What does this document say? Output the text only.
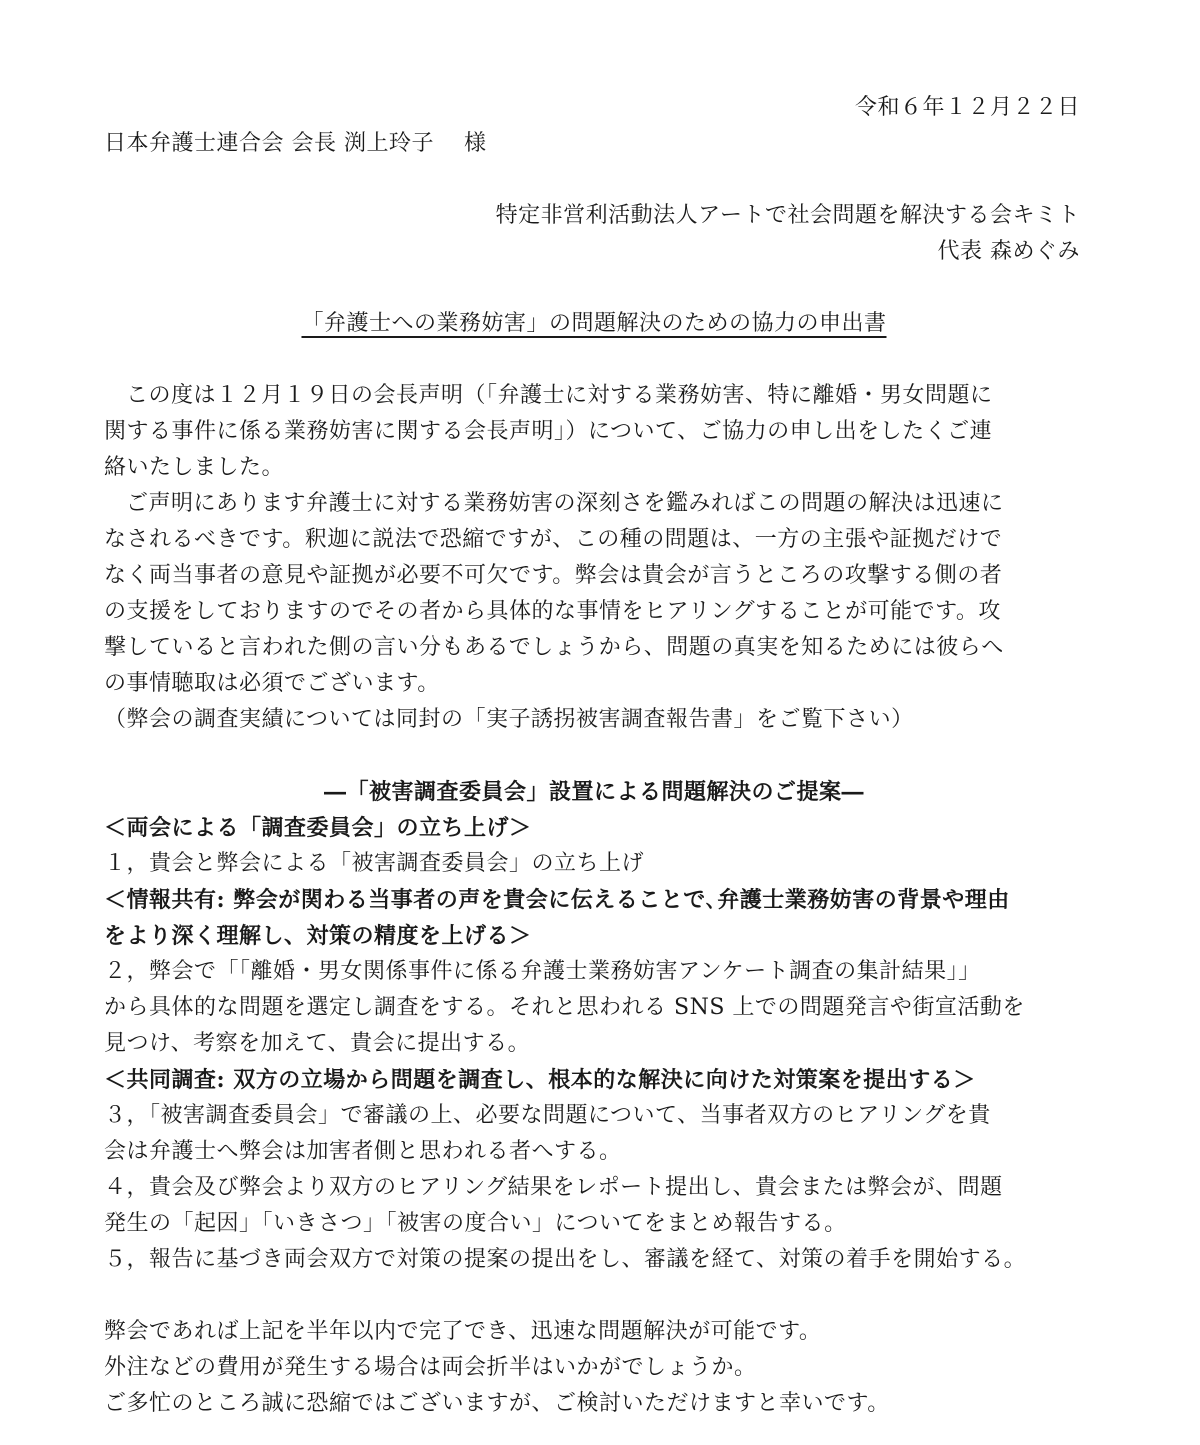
令和６年１２月２２日
日本弁護士連合会 会長 渕上玲子　 様
特定非営利活動法人アートで社会問題を解決する会キミト
代表 森めぐみ
「弁護士への業務妨害」の問題解決のための協力の申出書
この度は１２月１９日の会長声明（「弁護士に対する業務妨害、特に離婚・男女問題に
関する事件に係る業務妨害に関する会長声明」）について、ご協力の申し出をしたくご連
絡いたしました。
ご声明にあります弁護士に対する業務妨害の深刻さを鑑みればこの問題の解決は迅速に
なされるべきです。釈迦に説法で恐縮ですが、この種の問題は、一方の主張や証拠だけで
なく両当事者の意見や証拠が必要不可欠です。弊会は貴会が言うところの攻撃する側の者
の支援をしておりますのでその者から具体的な事情をヒアリングすることが可能です。攻
撃していると言われた側の言い分もあるでしょうから、問題の真実を知るためには彼らへ
の事情聴取は必須でございます。
（弊会の調査実績については同封の「実子誘拐被害調査報告書」をご覧下さい）
―「被害調査委員会」設置による問題解決のご提案―
＜両会による「調査委員会」の立ち上げ＞
１，貴会と弊会による「被害調査委員会」の立ち上げ
＜情報共有: 弊会が関わる当事者の声を貴会に伝えることで､弁護士業務妨害の背景や理由
をより深く理解し、対策の精度を上げる＞
２，弊会で「「離婚・男女関係事件に係る弁護士業務妨害アンケート調査の集計結果」」
から具体的な問題を選定し調査をする。それと思われる SNS 上での問題発言や街宣活動を
見つけ、考察を加えて、貴会に提出する。
＜共同調査: 双方の立場から問題を調査し、根本的な解決に向けた対策案を提出する＞
３，「被害調査委員会」で審議の上、必要な問題について、当事者双方のヒアリングを貴
会は弁護士へ弊会は加害者側と思われる者へする。
４，貴会及び弊会より双方のヒアリング結果をレポート提出し、貴会または弊会が、問題
発生の「起因」「いきさつ」「被害の度合い」についてをまとめ報告する。
５，報告に基づき両会双方で対策の提案の提出をし、審議を経て、対策の着手を開始する。
弊会であれば上記を半年以内で完了でき、迅速な問題解決が可能です。
外注などの費用が発生する場合は両会折半はいかがでしょうか。
ご多忙のところ誠に恐縮ではございますが、ご検討いただけますと幸いです。
